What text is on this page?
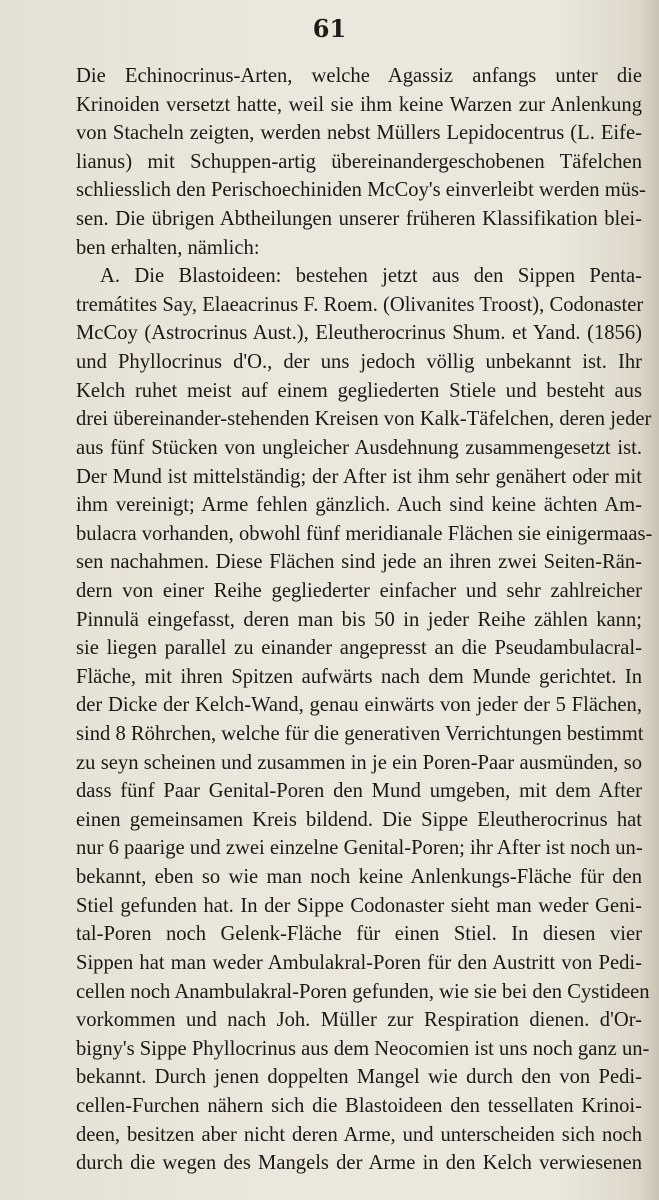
61
Die Echinocrinus-Arten, welche Agassiz anfangs unter die
Krinoiden versetzt hatte, weil sie ihm keine Warzen zur Anlenkung
von Stacheln zeigten, werden nebst Müllers Lepidocentrus (L. Eife-
lianus) mit Schuppen-artig übereinandergeschobenen Täfelchen
schliesslich den Perischoechiniden McCoy's einverleibt werden müs-
sen. Die übrigen Abtheilungen unserer früheren Klassifikation blei-
ben erhalten, nämlich:
A. Die Blastoideen: bestehen jetzt aus den Sippen Penta-
tremátites Say, Elaeacrinus F. Roem. (Olivanites Troost), Codonaster
McCoy (Astrocrinus Aust.), Eleutherocrinus Shum. et Yand. (1856)
und Phyllocrinus d'O., der uns jedoch völlig unbekannt ist. Ihr
Kelch ruhet meist auf einem gegliederten Stiele und besteht aus
drei übereinander-stehenden Kreisen von Kalk-Täfelchen, deren jeder
aus fünf Stücken von ungleicher Ausdehnung zusammengesetzt ist.
Der Mund ist mittelständig; der After ist ihm sehr genähert oder mit
ihm vereinigt; Arme fehlen gänzlich. Auch sind keine ächten Am-
bulacra vorhanden, obwohl fünf meridianale Flächen sie einigermaas-
sen nachahmen. Diese Flächen sind jede an ihren zwei Seiten-Rän-
dern von einer Reihe gegliederter einfacher und sehr zahlreicher
Pinnulä eingefasst, deren man bis 50 in jeder Reihe zählen kann;
sie liegen parallel zu einander angepresst an die Pseudambulacral-
Fläche, mit ihren Spitzen aufwärts nach dem Munde gerichtet. In
der Dicke der Kelch-Wand, genau einwärts von jeder der 5 Flächen,
sind 8 Röhrchen, welche für die generativen Verrichtungen bestimmt
zu seyn scheinen und zusammen in je ein Poren-Paar ausmünden, so
dass fünf Paar Genital-Poren den Mund umgeben, mit dem After
einen gemeinsamen Kreis bildend. Die Sippe Eleutherocrinus hat
nur 6 paarige und zwei einzelne Genital-Poren; ihr After ist noch un-
bekannt, eben so wie man noch keine Anlenkungs-Fläche für den
Stiel gefunden hat. In der Sippe Codonaster sieht man weder Geni-
tal-Poren noch Gelenk-Fläche für einen Stiel. In diesen vier
Sippen hat man weder Ambulakral-Poren für den Austritt von Pedi-
cellen noch Anambulakral-Poren gefunden, wie sie bei den Cystideen
vorkommen und nach Joh. Müller zur Respiration dienen. d'Or-
bigny's Sippe Phyllocrinus aus dem Neocomien ist uns noch ganz un-
bekannt. Durch jenen doppelten Mangel wie durch den von Pedi-
cellen-Furchen nähern sich die Blastoideen den tessellaten Krinoi-
deen, besitzen aber nicht deren Arme, und unterscheiden sich noch
durch die wegen des Mangels der Arme in den Kelch verwiesenen
